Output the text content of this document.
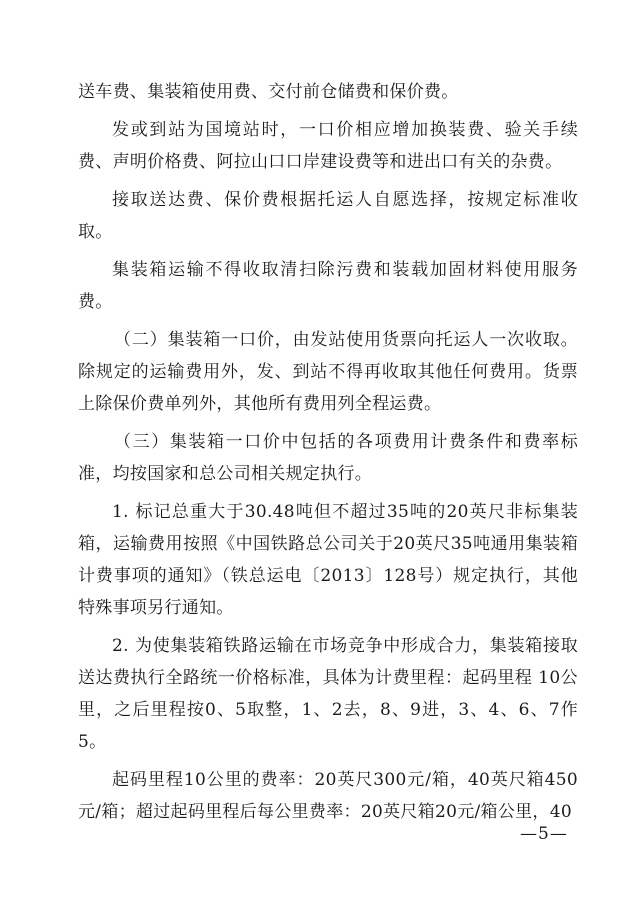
送车费、集装箱使用费、交付前仓储费和保价费。

发或到站为国境站时，一口价相应增加换装费、验关手续费、声明价格费、阿拉山口口岸建设费等和进出口有关的杂费。

接取送达费、保价费根据托运人自愿选择，按规定标准收取。

集装箱运输不得收取清扫除污费和装载加固材料使用服务费。

（二）集装箱一口价，由发站使用货票向托运人一次收取。除规定的运输费用外，发、到站不得再收取其他任何费用。货票上除保价费单列外，其他所有费用列全程运费。

（三）集装箱一口价中包括的各项费用计费条件和费率标准，均按国家和总公司相关规定执行。

1. 标记总重大于30.48吨但不超过35吨的20英尺非标集装箱，运输费用按照《中国铁路总公司关于20英尺35吨通用集装箱计费事项的通知》（铁总运电〔2013〕128号）规定执行，其他特殊事项另行通知。

2. 为使集装箱铁路运输在市场竞争中形成合力，集装箱接取送达费执行全路统一价格标准，具体为计费里程：起码里程 10公里，之后里程按0、5取整，1、2去，8、9进，3、4、6、7作5。

起码里程10公里的费率：20英尺300元/箱，40英尺箱450元/箱；超过起码里程后每公里费率：20英尺箱20元/箱公里，40

—5—
